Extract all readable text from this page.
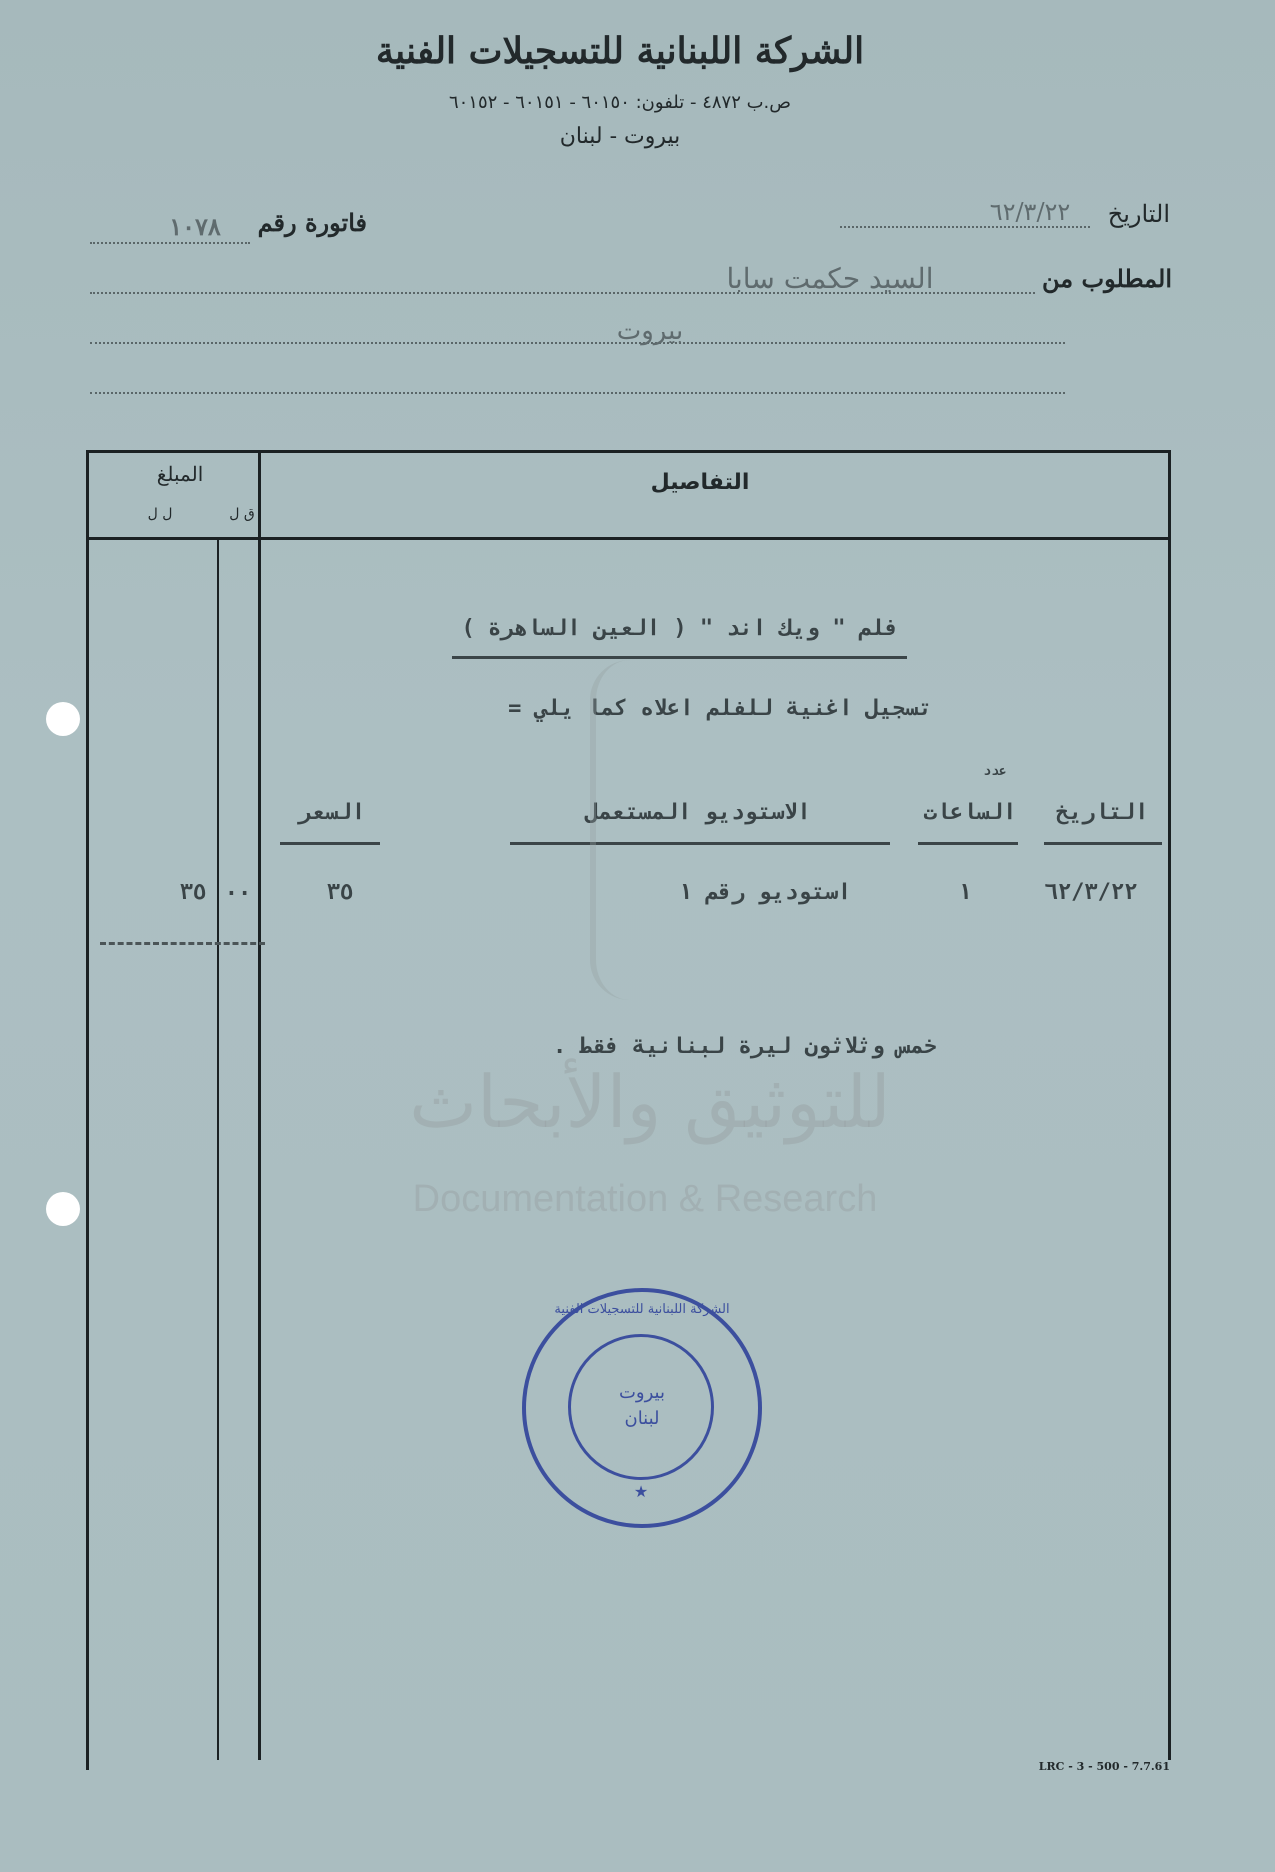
الشركة اللبنانية للتسجيلات الفنية
ص.ب ٤٨٧٢ - تلفون: ٦٠١٥٠ - ٦٠١٥١ - ٦٠١٥٢
بيروت - لبنان
التاريخ
٦٢/٣/٢٢
فاتورة رقم
١٠٧٨
المطلوب من
السيد حكمت سابا
بيروت
التفاصيل
المبلغ
ق ل
ل ل
فلم " ويك اند " ( العين الساهرة )
تسجيل اغنية للفلم اعلاه كما يلي =
عدد
التاريخ
الساعات
الاستوديو المستعمل
السعر
٦٢/٣/٢٢
١
استوديو رقم ١
٣٥
٣٥ ٠٠
خمس وثلاثون ليرة لبنانية فقط .
للتوثيق والأبحاث
Documentation & Research
الشركة اللبنانية للتسجيلات الفنية
بيروت
لبنان
★
LRC - 3 - 500 - 7.7.61
